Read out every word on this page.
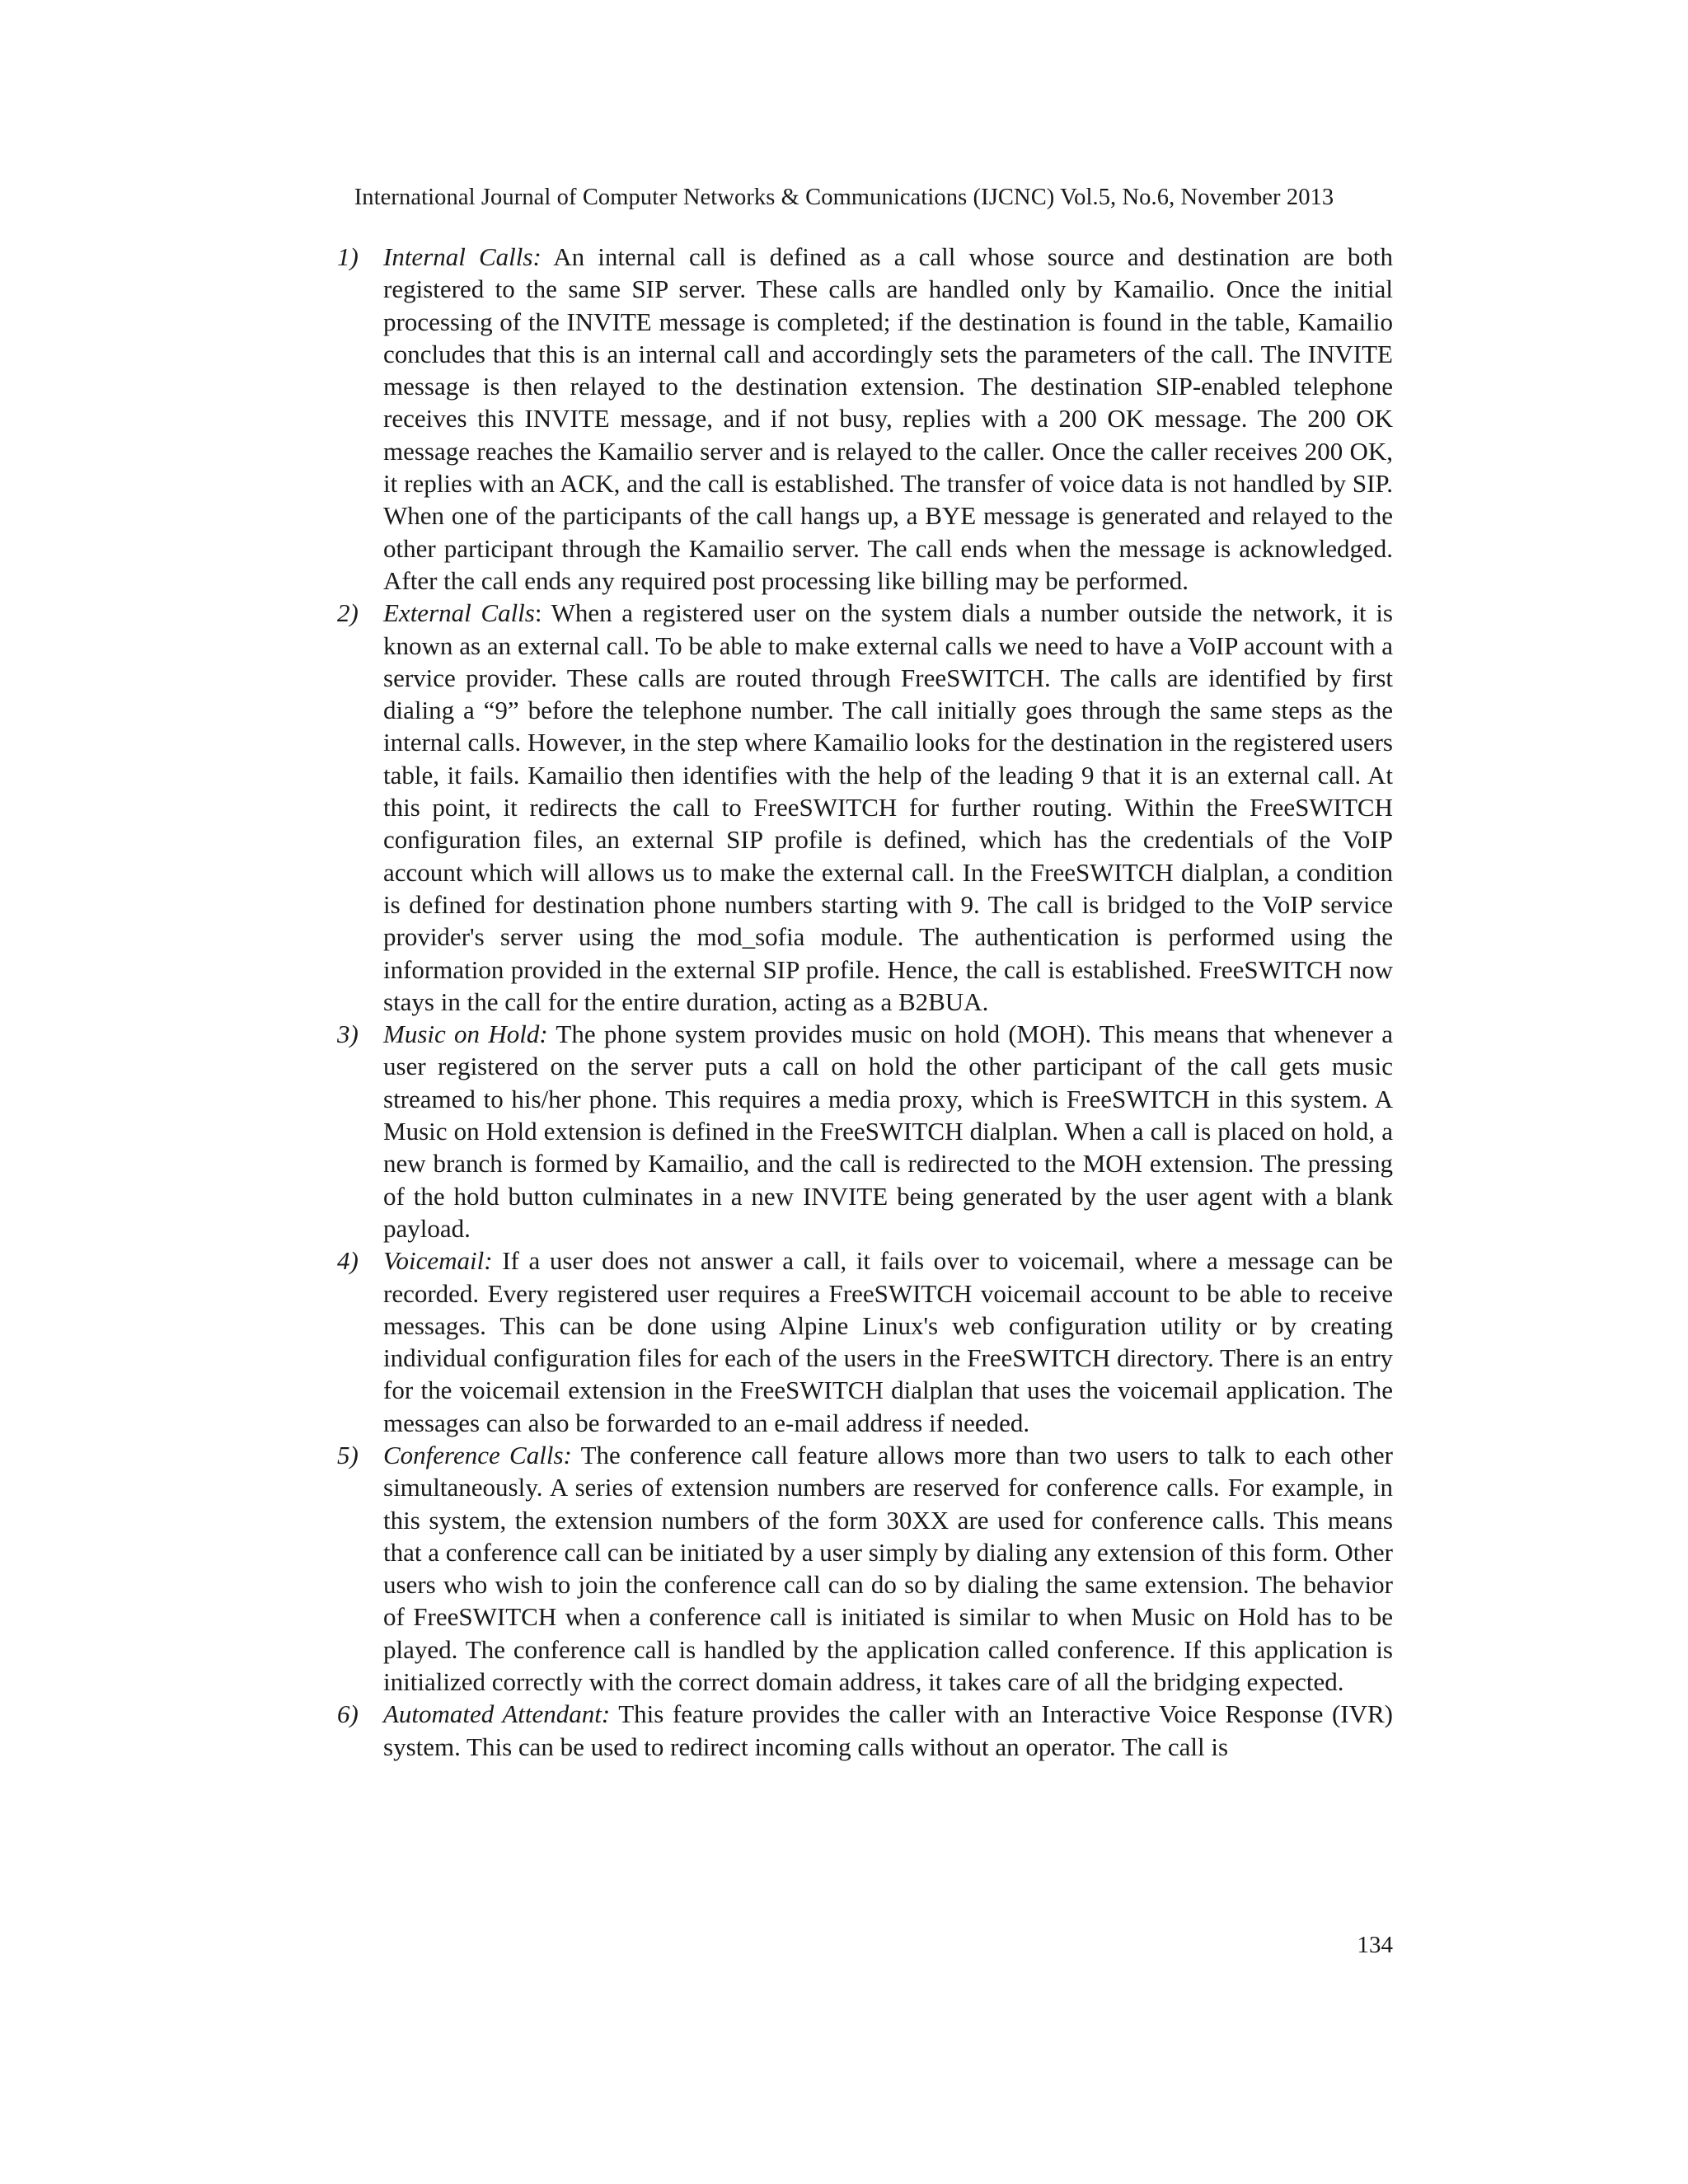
International Journal of Computer Networks & Communications (IJCNC) Vol.5, No.6, November 2013
1) Internal Calls: An internal call is defined as a call whose source and destination are both registered to the same SIP server. These calls are handled only by Kamailio. Once the initial processing of the INVITE message is completed; if the destination is found in the table, Kamailio concludes that this is an internal call and accordingly sets the parameters of the call. The INVITE message is then relayed to the destination extension. The destination SIP-enabled telephone receives this INVITE message, and if not busy, replies with a 200 OK message. The 200 OK message reaches the Kamailio server and is relayed to the caller. Once the caller receives 200 OK, it replies with an ACK, and the call is established. The transfer of voice data is not handled by SIP. When one of the participants of the call hangs up, a BYE message is generated and relayed to the other participant through the Kamailio server. The call ends when the message is acknowledged. After the call ends any required post processing like billing may be performed.

2) External Calls: When a registered user on the system dials a number outside the network, it is known as an external call. To be able to make external calls we need to have a VoIP account with a service provider. These calls are routed through FreeSWITCH. The calls are identified by first dialing a “9” before the telephone number. The call initially goes through the same steps as the internal calls. However, in the step where Kamailio looks for the destination in the registered users table, it fails. Kamailio then identifies with the help of the leading 9 that it is an external call. At this point, it redirects the call to FreeSWITCH for further routing. Within the FreeSWITCH configuration files, an external SIP profile is defined, which has the credentials of the VoIP account which will allows us to make the external call. In the FreeSWITCH dialplan, a condition is defined for destination phone numbers starting with 9. The call is bridged to the VoIP service provider's server using the mod_sofia module. The authentication is performed using the information provided in the external SIP profile. Hence, the call is established. FreeSWITCH now stays in the call for the entire duration, acting as a B2BUA.

3) Music on Hold: The phone system provides music on hold (MOH). This means that whenever a user registered on the server puts a call on hold the other participant of the call gets music streamed to his/her phone. This requires a media proxy, which is FreeSWITCH in this system. A Music on Hold extension is defined in the FreeSWITCH dialplan. When a call is placed on hold, a new branch is formed by Kamailio, and the call is redirected to the MOH extension. The pressing of the hold button culminates in a new INVITE being generated by the user agent with a blank payload.

4) Voicemail: If a user does not answer a call, it fails over to voicemail, where a message can be recorded. Every registered user requires a FreeSWITCH voicemail account to be able to receive messages. This can be done using Alpine Linux's web configuration utility or by creating individual configuration files for each of the users in the FreeSWITCH directory. There is an entry for the voicemail extension in the FreeSWITCH dialplan that uses the voicemail application. The messages can also be forwarded to an e-mail address if needed.

5) Conference Calls: The conference call feature allows more than two users to talk to each other simultaneously. A series of extension numbers are reserved for conference calls. For example, in this system, the extension numbers of the form 30XX are used for conference calls. This means that a conference call can be initiated by a user simply by dialing any extension of this form. Other users who wish to join the conference call can do so by dialing the same extension. The behavior of FreeSWITCH when a conference call is initiated is similar to when Music on Hold has to be played. The conference call is handled by the application called conference. If this application is initialized correctly with the correct domain address, it takes care of all the bridging expected.

6) Automated Attendant: This feature provides the caller with an Interactive Voice Response (IVR) system. This can be used to redirect incoming calls without an operator. The call is

134
